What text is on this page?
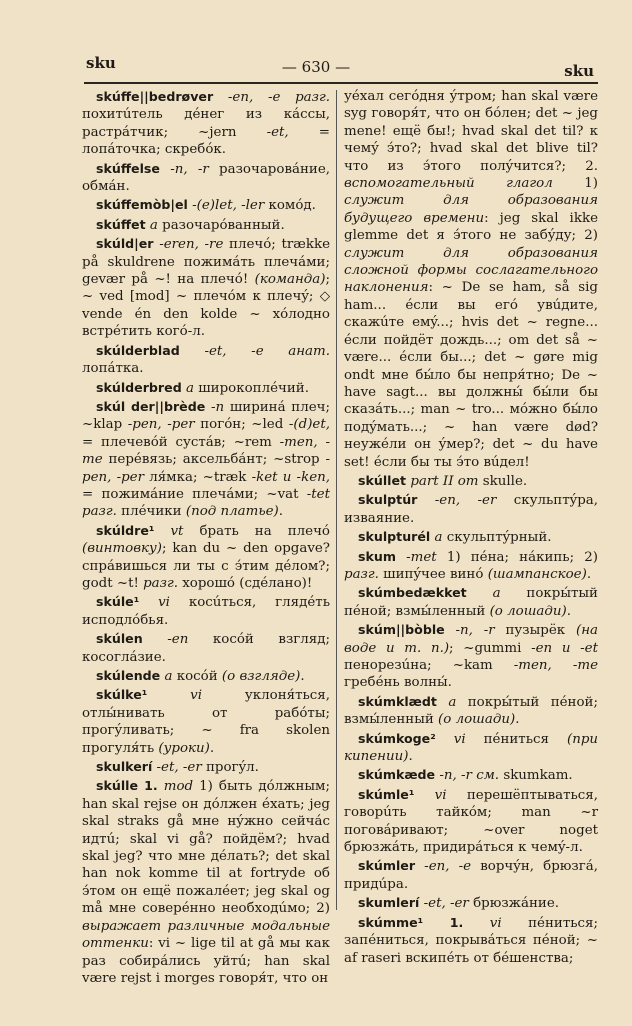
sku	— 630 —	sku
skúffe||bedrøver -en, -e разг. похитúтель дéнег из кáссы, растрáтчик; ~jern -et, = лопáточка; скребóк.
skúffelse -n, -r разочаровáние, обмáн.
skúffemòb|el -(e)let, -ler комóд.
skúffet a разочарóванный.
skúld|er -eren, -re плечó; trække på skuldrene пожимáть плечáми; gevær på ~! на плечó! (команда); ~ ved [mod] ~ плечóм к плечý; ◇ vende én den kolde ~ хóлодно встрéтить когó-л.
skúlderblad -et, -e анат. лопáтка.
skúlderbred a широкоплéчий.
skúl der||brède -n ширинá плеч; ~klap -pen, -per погóн; ~led -(d)et, = плечевóй сустáв; ~rem -men, -me перéвязь; аксельбáнт; ~strop -pen, -per ля́мка; ~træk -ket u -ken, = пожимáние плечáми; ~vat -tet разг. плéчики (под платье).
skúldre¹ vt брать на плечó (винтовку); kan du ~ den opgave? спрáвишься ли ты с э́тим дéлом?; godt ~t! разг. хорошó (сдéлано)!
skúle¹ vi косúться, глядéть исподлóбья.
skúlen -en косóй взгляд; косоглáзие.
skúlende a косóй (о взгляде).
skúlke¹	vi уклоня́ться, отлы́нивать от рабóты; прогýливать; ~ fra skolen прогуля́ть (уроки).
skulkerí -et, -er прогýл.
skúlle 1. mod 1) быть дóлжным; han skal rejse он дóлжен éхать; jeg skal straks gå мне нýжно сейчáс идтú; skal vi gå? пойдём?; hvad skal jeg? что мне дéлать?; det skal han nok komme til at fortryde об э́том он ещё пожалéет; jeg skal og må мне соверéнно необходúмо; 2) выражает различные модальные оттенки: vi ~ lige til at gå мы как раз собирáлись уйтú; han skal være rejst i morges говоря́т, что он
уéхал сегóдня ýтром; han skal være syg говоря́т, что он бóлен; det ~ jeg mene! ещё бы!; hvad skal det til? к чемý э́то?; hvad skal det blive til? что из э́того полýчится?; 2. вспомогательный глагол 1) служит для образования будущего времени: jeg skal ikke glemme det я э́того не забýду; 2) служит для образования сложной формы сослагательного наклонения: ~ De se ham, så sig ham... éсли вы егó увúдите, скажúте емý...; hvis det ~ regne... éсли пойдёт дождь...; om det så ~ være... éсли бы...; det ~ gøre mig ondt мне бы́ло бы непря́тно; De ~ have sagt... вы должны́ бы́ли бы сказáть...; man ~ tro... мóжно бы́ло подýмать...; ~ han være død? неужéли он ýмер?; det ~ du have set! éсли бы ты э́то вúдел!
skúllet part II от skulle.
skulptúr -en, -er скульптýра, изваяние.
skulpturél a скульптýрный.
skum -met 1) пéна; нáкипь; 2) разг. шипýчее винó (шампанское).
skúmbedækket a покры́тый пéной; взмы́ленный (о лошади).
skúm||bòble -n, -r пузырёк (на воде и т. п.); ~gummi -en и -et пенорезúна; ~kam -men, -me гребéнь волны́.
skúmklædt a покры́тый пéной; взмы́ленный (о лошади).
skúmkoge² vi пéниться (при кипении).
skúmkæde -n, -r см. skumkam.
skúmle¹ vi перешёптываться, говорúть тайкóм; man ~r поговáривают; ~over noget брюзжáть, придирáться к чемý-л.
skúmler -en, -e ворчýн, брюзгá, придúра.
skumlerí -et, -er брюзжáние.
skúmme¹ 1. vi пéниться; запéниться, покрывáться пéной; ~ af raseri вскипéть от бéшенства;
